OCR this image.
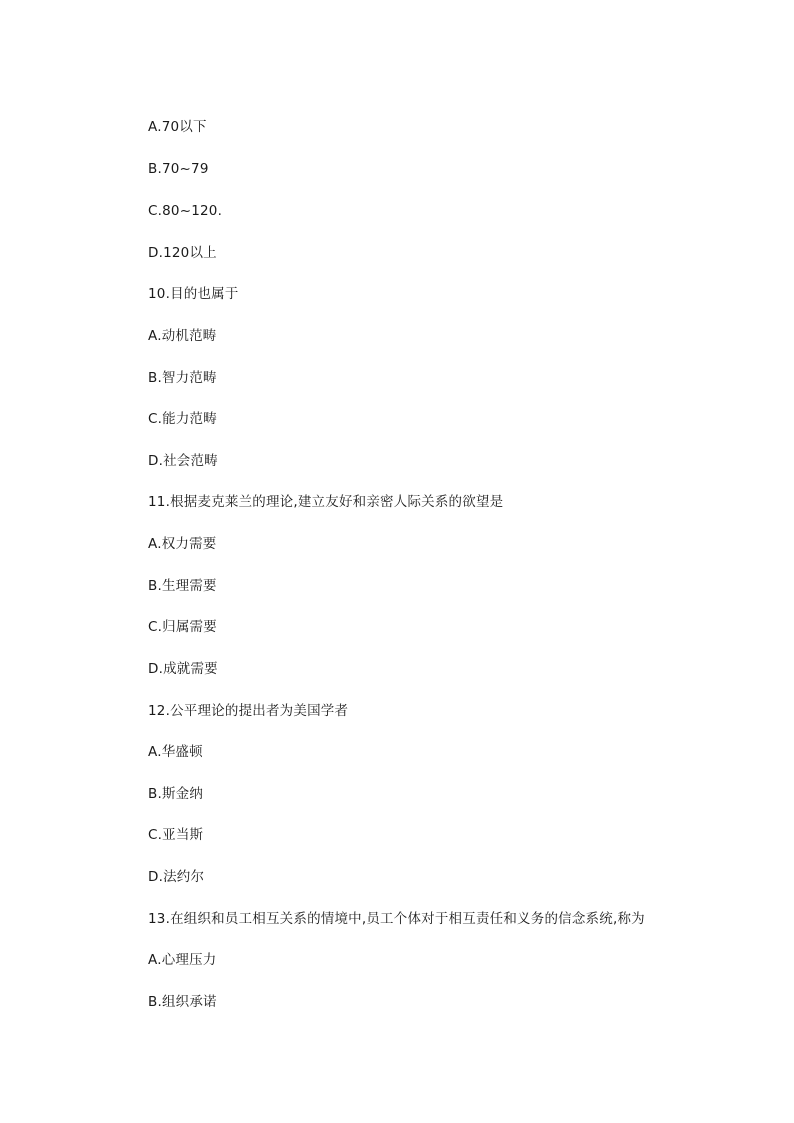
A.70以下

B.70~79

C.80~120.

D.120以上

10.目的也属于

A.动机范畴

B.智力范畴

C.能力范畴

D.社会范畴

11.根据麦克莱兰的理论,建立友好和亲密人际关系的欲望是

A.权力需要

B.生理需要

C.归属需要

D.成就需要

12.公平理论的提出者为美国学者

A.华盛顿

B.斯金纳

C.亚当斯

D.法约尔

13.在组织和员工相互关系的情境中,员工个体对于相互责任和义务的信念系统,称为

A.心理压力

B.组织承诺
